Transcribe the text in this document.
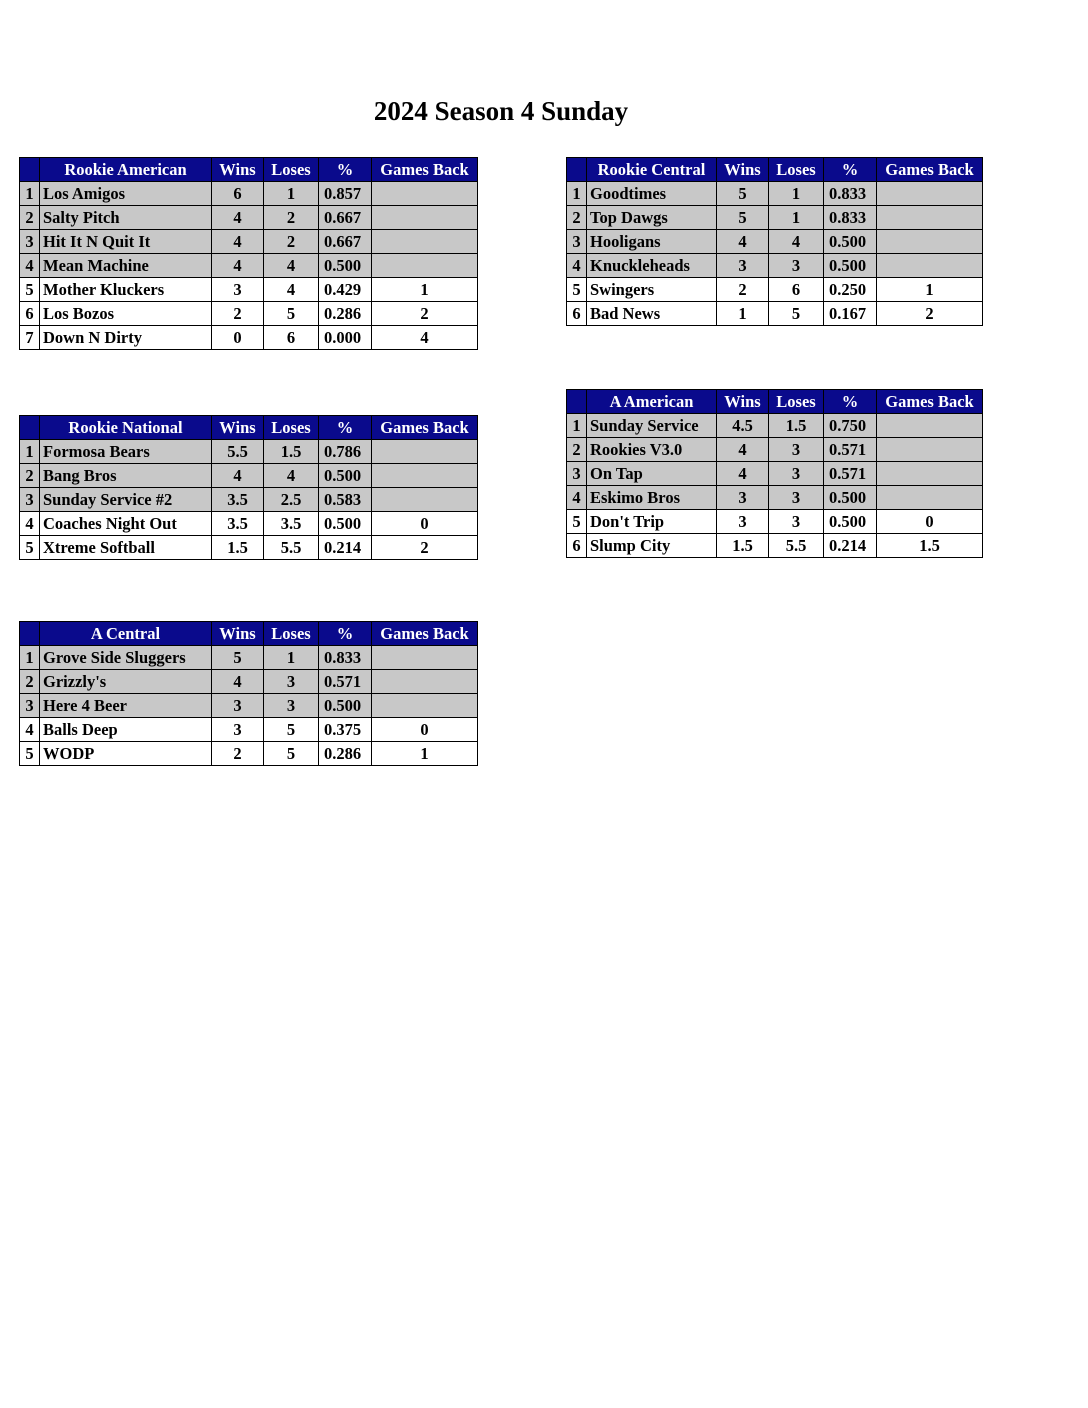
2024 Season 4 Sunday
	Rookie American	Wins	Loses	%	Games Back
1	Los Amigos	6	1	0.857	
2	Salty Pitch	4	2	0.667	
3	Hit It N Quit It	4	2	0.667	
4	Mean Machine	4	4	0.500	
5	Mother Kluckers	3	4	0.429	1
6	Los Bozos	2	5	0.286	2
7	Down N Dirty	0	6	0.000	4
	Rookie National	Wins	Loses	%	Games Back
1	Formosa Bears	5.5	1.5	0.786	
2	Bang Bros	4	4	0.500	
3	Sunday Service #2	3.5	2.5	0.583	
4	Coaches Night Out	3.5	3.5	0.500	0
5	Xtreme Softball	1.5	5.5	0.214	2
	A Central	Wins	Loses	%	Games Back
1	Grove Side Sluggers	5	1	0.833	
2	Grizzly's	4	3	0.571	
3	Here 4 Beer	3	3	0.500	
4	Balls Deep	3	5	0.375	0
5	WODP	2	5	0.286	1
	Rookie Central	Wins	Loses	%	Games Back
1	Goodtimes	5	1	0.833	
2	Top Dawgs	5	1	0.833	
3	Hooligans	4	4	0.500	
4	Knuckleheads	3	3	0.500	
5	Swingers	2	6	0.250	1
6	Bad News	1	5	0.167	2
	A American	Wins	Loses	%	Games Back
1	Sunday Service	4.5	1.5	0.750	
2	Rookies V3.0	4	3	0.571	
3	On Tap	4	3	0.571	
4	Eskimo Bros	3	3	0.500	
5	Don't Trip	3	3	0.500	0
6	Slump City	1.5	5.5	0.214	1.5
